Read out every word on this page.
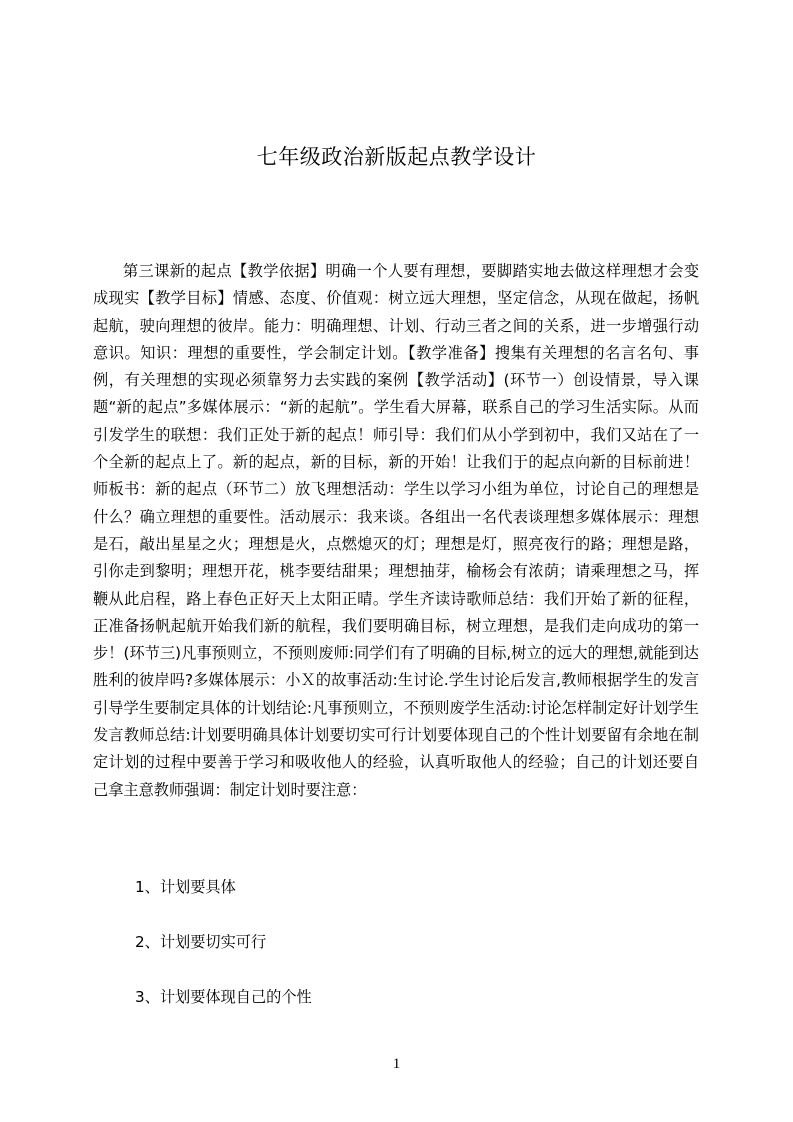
七年级政治新版起点教学设计

第三课新的起点【教学依据】明确一个人要有理想，要脚踏实地去做这样理想才会变成现实【教学目标】情感、态度、价值观：树立远大理想，坚定信念，从现在做起，扬帆起航，驶向理想的彼岸。能力：明确理想、计划、行动三者之间的关系，进一步增强行动意识。知识：理想的重要性，学会制定计划。【教学准备】搜集有关理想的名言名句、事例，有关理想的实现必须靠努力去实践的案例【教学活动】(环节一）创设情景，导入课题“新的起点”多媒体展示：“新的起航”。学生看大屏幕，联系自己的学习生活实际。从而引发学生的联想：我们正处于新的起点！师引导：我们们从小学到初中，我们又站在了一个全新的起点上了。新的起点，新的目标，新的开始！让我们于的起点向新的目标前进！师板书：新的起点（环节二）放飞理想活动：学生以学习小组为单位，讨论自己的理想是什么？确立理想的重要性。活动展示：我来谈。各组出一名代表谈理想多媒体展示：理想是石，敲出星星之火；理想是火，点燃熄灭的灯；理想是灯，照亮夜行的路；理想是路，引你走到黎明；理想开花，桃李要结甜果；理想抽芽，榆杨会有浓荫；请乘理想之马，挥鞭从此启程，路上春色正好天上太阳正晴。学生齐读诗歌师总结：我们开始了新的征程，正准备扬帆起航开始我们新的航程，我们要明确目标，树立理想，是我们走向成功的第一步！(环节三)凡事预则立，不预则废师:同学们有了明确的目标,树立的远大的理想,就能到达胜利的彼岸吗?多媒体展示：小Ｘ的故事活动:生讨论.学生讨论后发言,教师根据学生的发言引导学生要制定具体的计划结论:凡事预则立，不预则废学生活动:讨论怎样制定好计划学生发言教师总结:计划要明确具体计划要切实可行计划要体现自己的个性计划要留有余地在制定计划的过程中要善于学习和吸收他人的经验，认真听取他人的经验；自己的计划还要自己拿主意教师强调：制定计划时要注意：

1、计划要具体

2、计划要切实可行

3、计划要体现自己的个性

1
